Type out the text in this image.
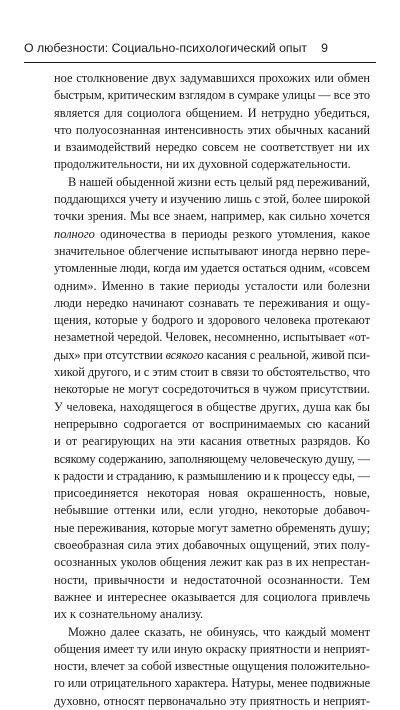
О любезности: Социально-психологический опыт 9
ное столкновение двух задумавшихся прохожих или обмен
быстрым, критическим взглядом в сумраке улицы — все это
является для социолога общением. И нетрудно убедиться,
что полуосознанная интенсивность этих обычных касаний
и взаимодействий нередко совсем не соответствует ни их
продолжительности, ни их духовной содержательности.
В нашей обыденной жизни есть целый ряд переживаний,
поддающихся учету и изучению лишь с этой, более широкой
точки зрения. Мы все знаем, например, как сильно хочется
полного одиночества в периоды резкого утомления, какое
значительное облегчение испытывают иногда нервно пере-
утомленные люди, когда им удается остаться одним, «совсем
одним». Именно в такие периоды усталости или болезни
люди нередко начинают сознавать те переживания и ощу-
щения, которые у бодрого и здорового человека протекают
незаметной чередой. Человек, несомненно, испытывает «от-
дых» при отсутствии всякого касания с реальной, живой пси-
хикой другого, и с этим стоит в связи то обстоятельство, что
некоторые не могут сосредоточиться в чужом присутствии.
У человека, находящегося в обществе других, душа как бы
непрерывно содрогается от воспринимаемых сю касаний
и от реагирующих на эти касания ответных разрядов. Ко
всякому содержанию, заполняющему человеческую душу, —
к радости и страданию, к размышлению и к процессу еды, —
присоединяется некоторая новая окрашенность, новые,
небывшие оттенки или, если угодно, некоторые добавоч-
ные переживания, которые могут заметно обременять душу;
своеобразная сила этих добавочных ощущений, этих полу-
осознанных уколов общения лежит как раз в их непрестан-
ности, привычности и недостаточной осознанности. Тем
важнее и интереснее оказывается для социолога привлечь
их к сознательному анализу.
Можно далее сказать, не обинуясь, что каждый момент
общения имеет ту или иную окраску приятности и неприят-
ности, влечет за собой известные ощущения положительно-
го или отрицательного характера. Натуры, менее подвижные
духовно, относят первоначально эту приятность и неприят-
